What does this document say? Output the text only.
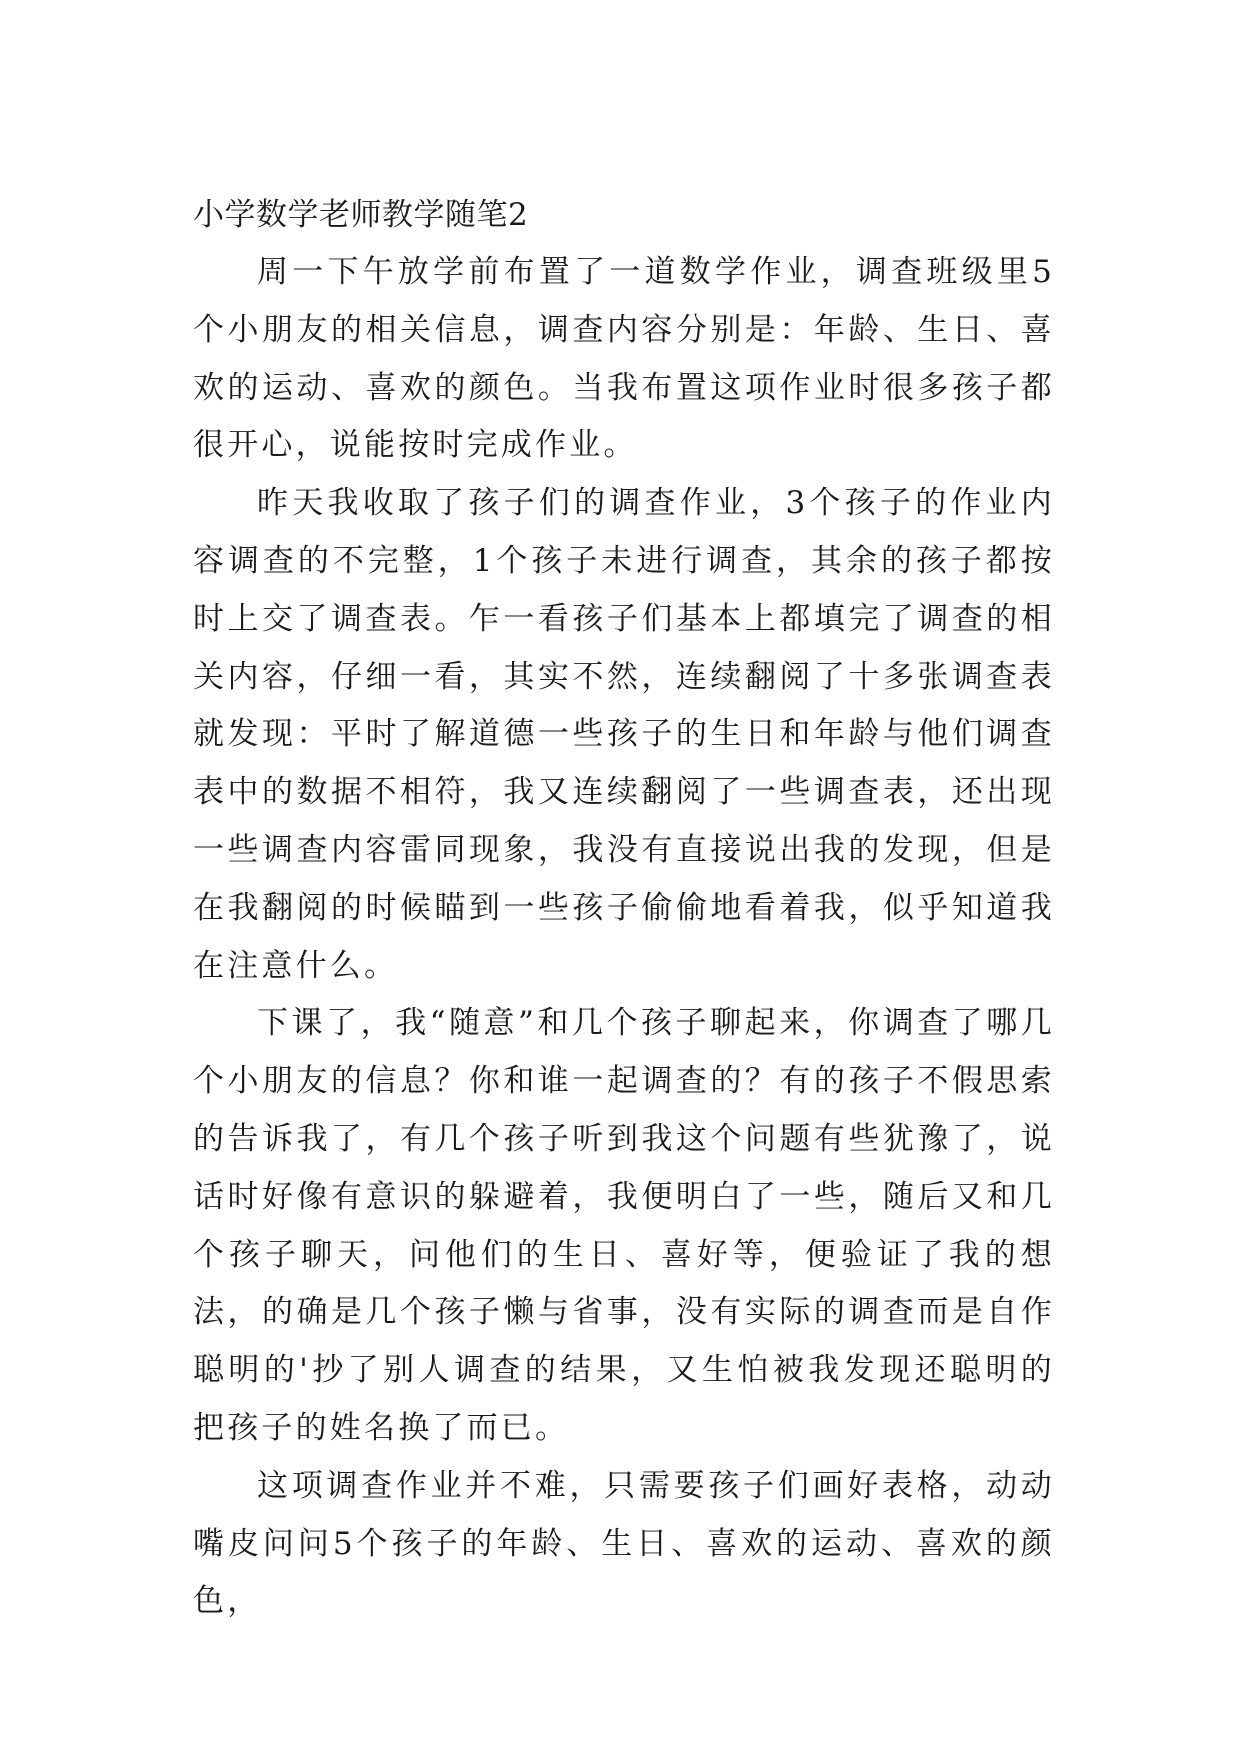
小学数学老师教学随笔2

周一下午放学前布置了一道数学作业，调查班级里5个小朋友的相关信息，调查内容分别是：年龄、生日、喜欢的运动、喜欢的颜色。当我布置这项作业时很多孩子都很开心，说能按时完成作业。

昨天我收取了孩子们的调查作业，3个孩子的作业内容调查的不完整，1个孩子未进行调查，其余的孩子都按时上交了调查表。乍一看孩子们基本上都填完了调查的相关内容，仔细一看，其实不然，连续翻阅了十多张调查表就发现：平时了解道德一些孩子的生日和年龄与他们调查表中的数据不相符，我又连续翻阅了一些调查表，还出现一些调查内容雷同现象，我没有直接说出我的发现，但是在我翻阅的时候瞄到一些孩子偷偷地看着我，似乎知道我在注意什么。

下课了，我“随意”和几个孩子聊起来，你调查了哪几个小朋友的信息？你和谁一起调查的？有的孩子不假思索的告诉我了，有几个孩子听到我这个问题有些犹豫了，说话时好像有意识的躲避着，我便明白了一些，随后又和几个孩子聊天，问他们的生日、喜好等，便验证了我的想法，的确是几个孩子懒与省事，没有实际的调查而是自作聪明的'抄了别人调查的结果，又生怕被我发现还聪明的把孩子的姓名换了而已。

这项调查作业并不难，只需要孩子们画好表格，动动嘴皮问问5个孩子的年龄、生日、喜欢的运动、喜欢的颜色，
